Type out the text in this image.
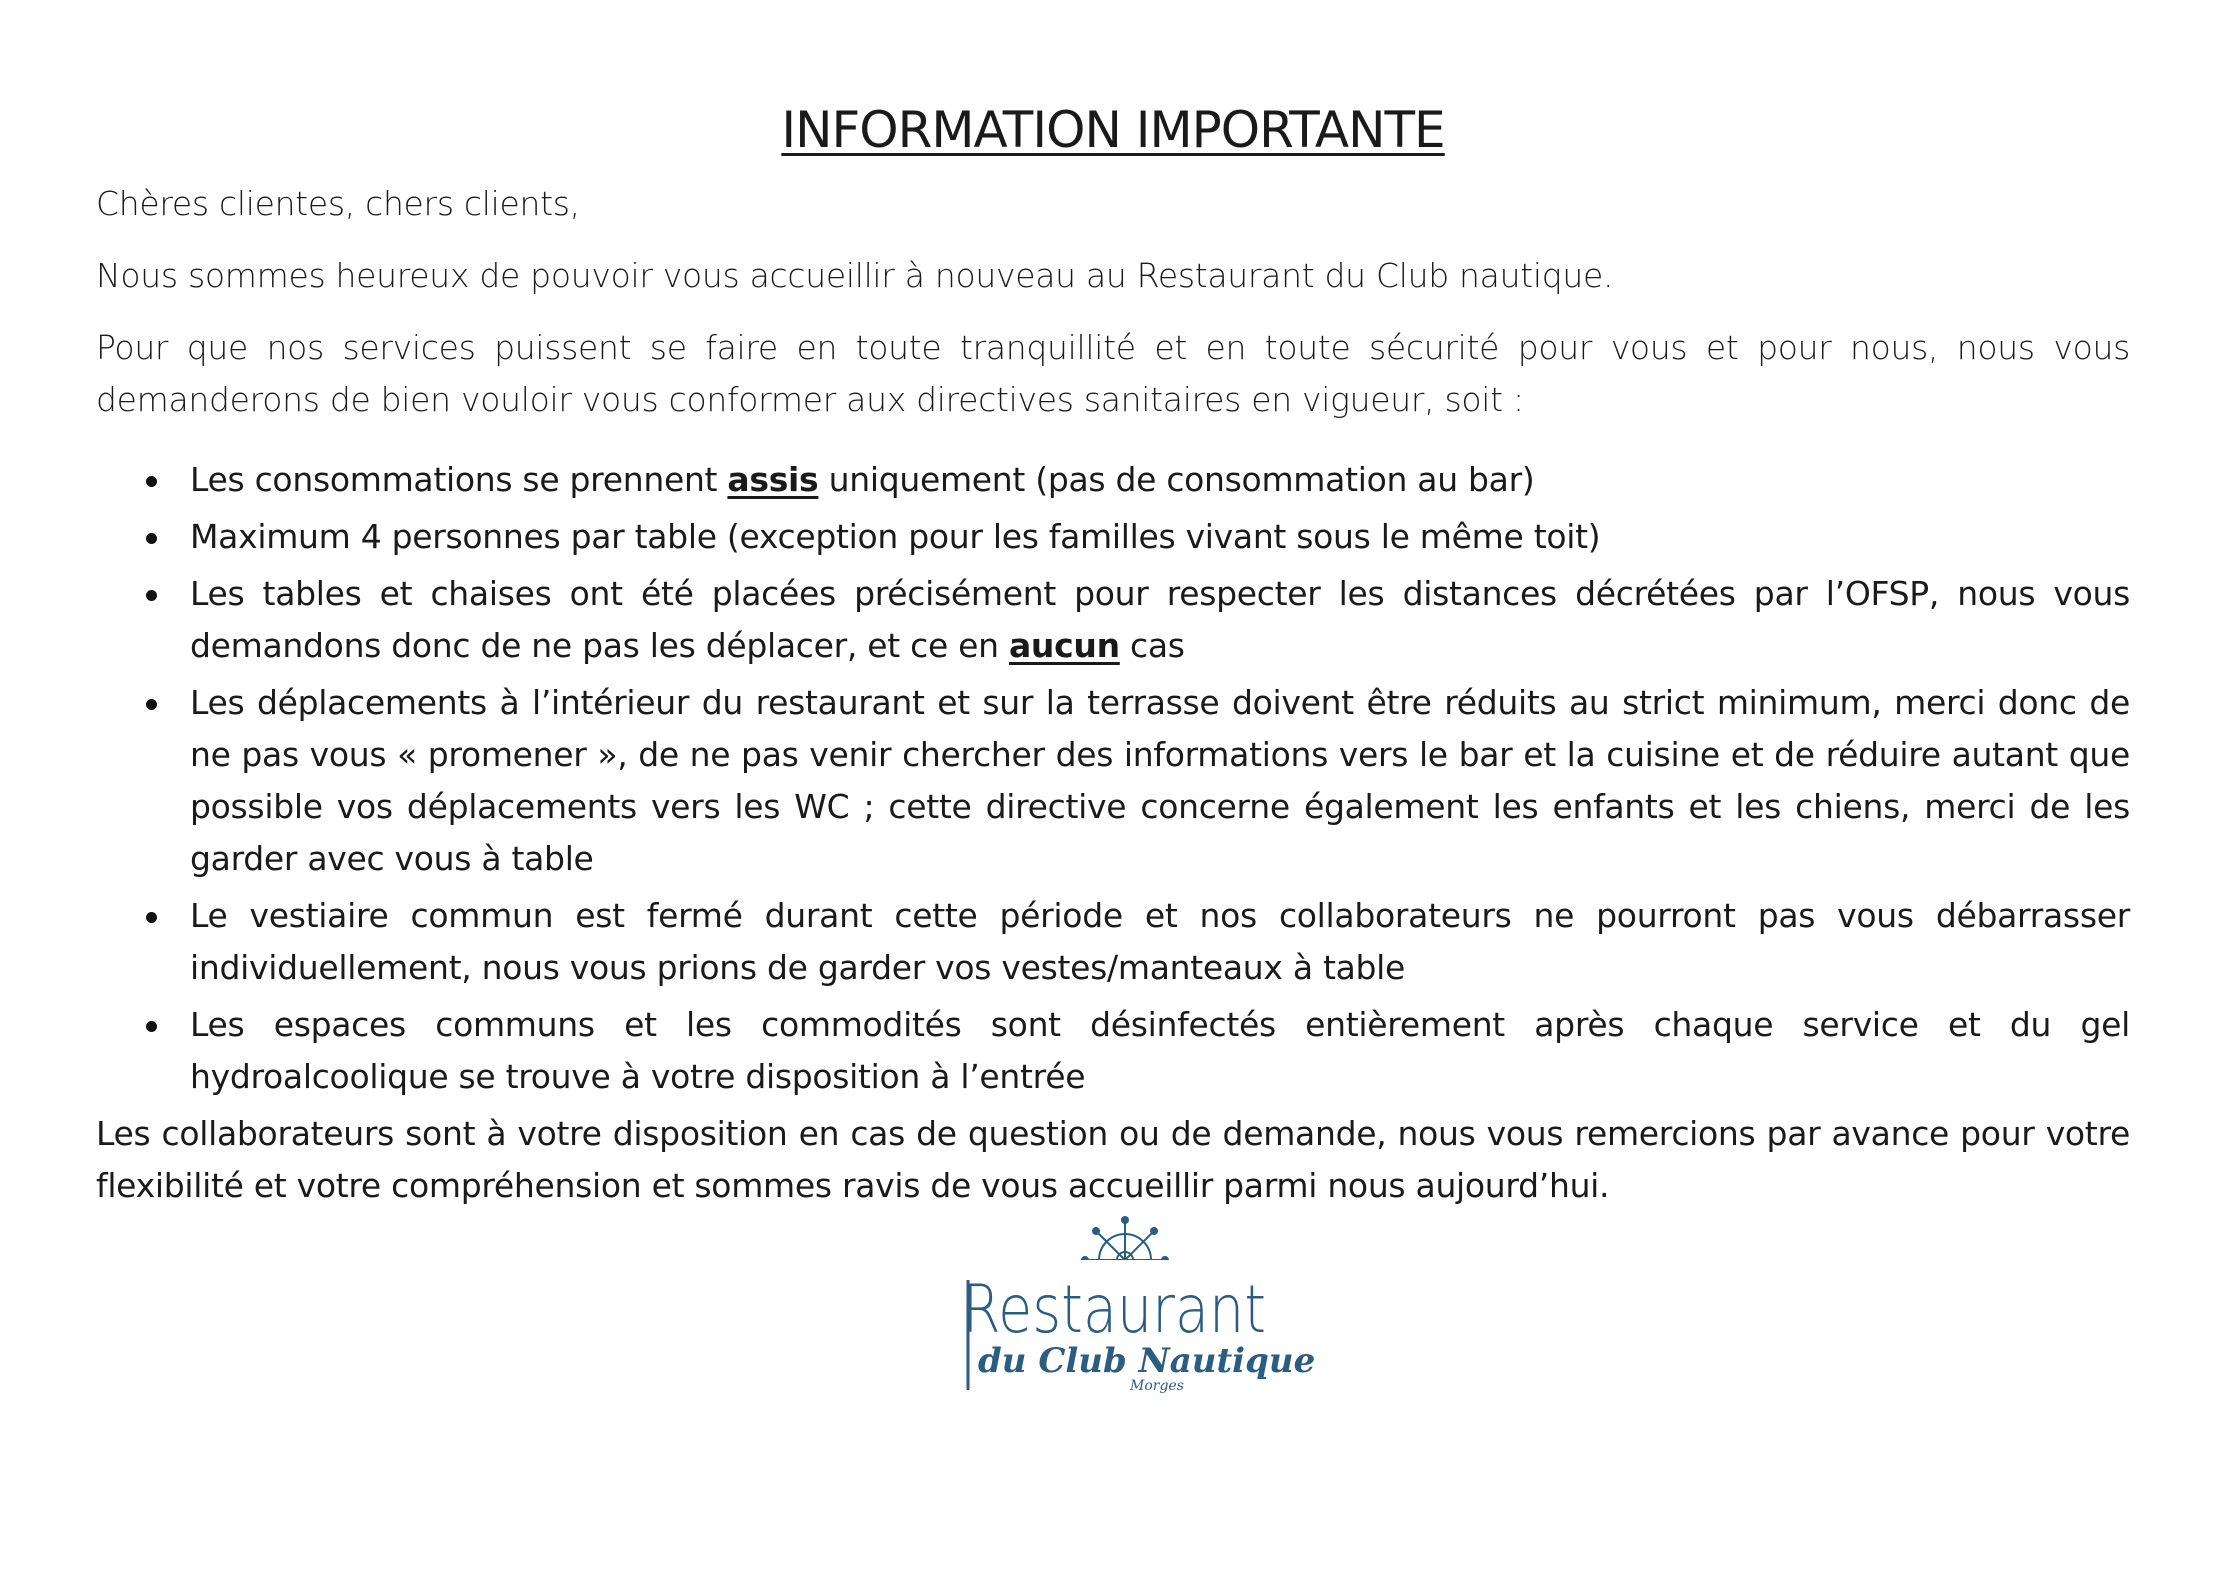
INFORMATION IMPORTANTE

Chères clientes, chers clients,

Nous sommes heureux de pouvoir vous accueillir à nouveau au Restaurant du Club nautique.

Pour que nos services puissent se faire en toute tranquillité et en toute sécurité pour vous et pour nous, nous vous demanderons de bien vouloir vous conformer aux directives sanitaires en vigueur, soit :

Les consommations se prennent assis uniquement (pas de consommation au bar)
Maximum 4 personnes par table (exception pour les familles vivant sous le même toit)
Les tables et chaises ont été placées précisément pour respecter les distances décrétées par l’OFSP, nous vous demandons donc de ne pas les déplacer, et ce en aucun cas
Les déplacements à l’intérieur du restaurant et sur la terrasse doivent être réduits au strict minimum, merci donc de ne pas vous « promener », de ne pas venir chercher des informations vers le bar et la cuisine et de réduire autant que possible vos déplacements vers les WC ; cette directive concerne également les enfants et les chiens, merci de les garder avec vous à table
Le vestiaire commun est fermé durant cette période et nos collaborateurs ne pourront pas vous débarrasser individuellement, nous vous prions de garder vos vestes/manteaux à table
Les espaces communs et les commodités sont désinfectés entièrement après chaque service et du gel hydroalcoolique se trouve à votre disposition à l’entrée

Les collaborateurs sont à votre disposition en cas de question ou de demande, nous vous remercions par avance pour votre flexibilité et votre compréhension et sommes ravis de vous accueillir parmi nous aujourd’hui.

Restaurant
du Club Nautique
Morges
